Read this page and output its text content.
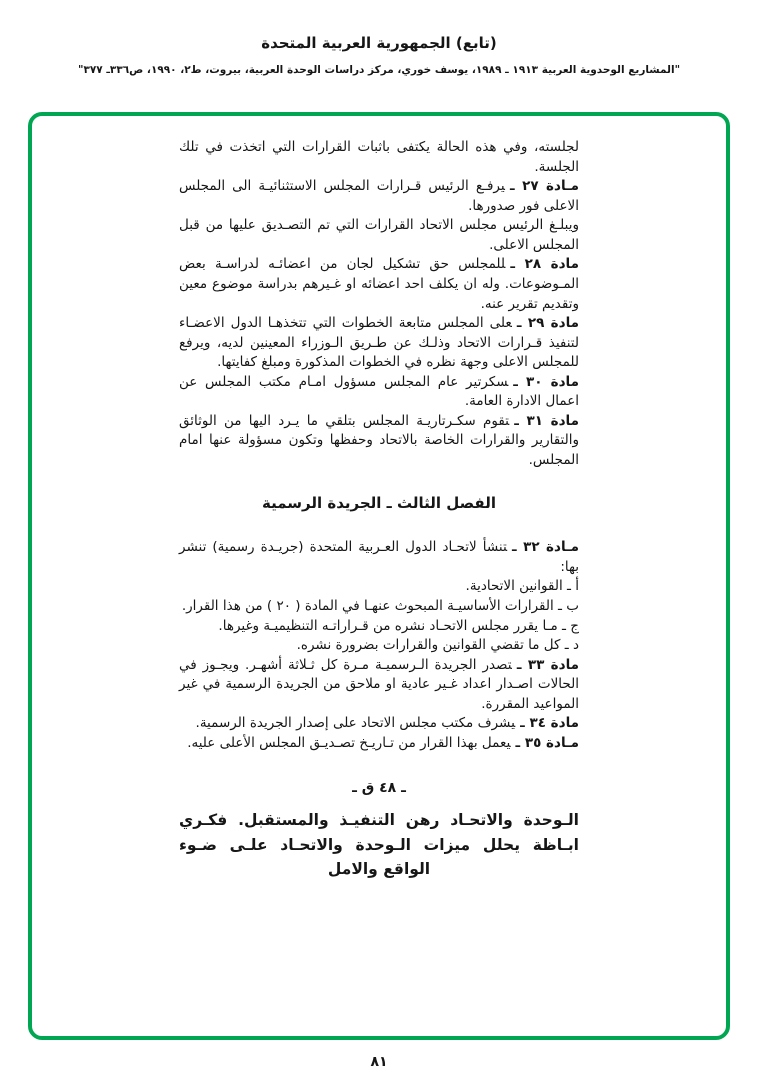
(تابع) الجمهورية العربية المتحدة
"المشاريع الوحدوية العربية ١٩١٣ ـ ١٩٨٩، يوسف خوري، مركز دراسات الوحدة العربية، بيروت، ط٢، ١٩٩٠، ص٣٣٦ـ ٣٧٧"

لجلسته، وفي هذه الحالة يكتفى باثبات القرارات التي اتخذت في تلك الجلسة.

مـادة ٢٧ ـيرفـع الرئيس قـرارات المجلس الاستثنائيـة الى المجلس الاعلى فور صدورها.

ويبلـغ الرئيس مجلس الاتحاد القرارات التي تم التصـديق عليها من قبل المجلس الاعلى.

مادة ٢٨ ـللمجلس حق تشكيل لجان من اعضائـه لدراسـة بعض المـوضوعات. وله ان يكلف احد اعضائه او غـيرهم بدراسة موضوع معين وتقديم تقرير عنه.

مادة ٢٩ ـعلى المجلس متابعة الخطوات التي تتخذهـا الدول الاعضـاء لتنفيذ قـرارات الاتحاد وذلـك عن طـريق الـوزراء المعينين لديه، ويرفع للمجلس الاعلى وجهة نظره في الخطوات المذكورة ومبلغ كفايتها.

مادة ٣٠ ـسكرتير عام المجلس مسؤول امـام مكتب المجلس عن اعمال الادارة العامة.

مادة ٣١ ـتقوم سكـرتاريـة المجلس بتلقي ما يـرد اليها من الوثائق والتقارير والقرارات الخاصة بالاتحاد وحفظها وتكون مسؤولة عنها امام المجلس.

الفصل الثالث ـ الجريدة الرسمية

مـادة ٣٢ ـتنشأ لاتحـاد الدول العـربية المتحدة (جريـدة رسمية) تنشر بها:

أ ـ القوانين الاتحادية.

ب ـ القرارات الأساسيـة المبحوث عنهـا في المادة ( ٢٠ ) من هذا القرار.

ج ـ مـا يقرر مجلس الاتحـاد نشره من قـراراتـه التنظيميـة وغيرها.

د ـ كل ما تقضي القوانين والقرارات بضرورة نشره.

مادة ٣٣ ـتصدر الجريدة الـرسميـة مـرة كل ثـلاثة أشهـر. ويجـوز في الحالات اصـدار اعداد غـير عادية او ملاحق من الجريدة الرسمية في غير المواعيد المقررة.

مادة ٣٤ ـيشرف مكتب مجلس الاتحاد على إصدار الجريدة الرسمية.

مـادة ٣٥ ـيعمل بهذا القرار من تـاريـخ تصـديـق المجلس الأعلى عليه.

ـ ٤٨ ق ـ

الـوحدة والاتحـاد رهن التنفيـذ والمستقبل. فكـري ابـاظة يحلل ميزات الـوحدة والاتحـاد علـى ضـوء الواقع والامل

٨١
